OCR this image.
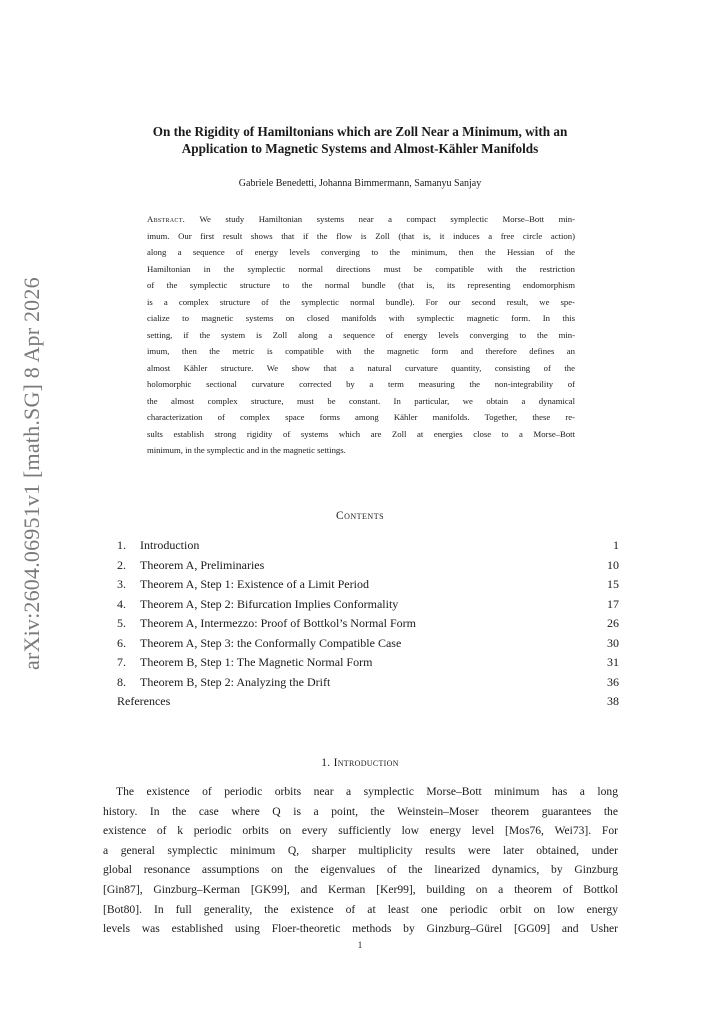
arXiv:2604.06951v1 [math.SG] 8 Apr 2026
On the Rigidity of Hamiltonians which are Zoll Near a Minimum, with an
Application to Magnetic Systems and Almost-Kähler Manifolds
Gabriele Benedetti, Johanna Bimmermann, Samanyu Sanjay
Abstract. We study Hamiltonian systems near a compact symplectic Morse–Bott min-
imum. Our first result shows that if the flow is Zoll (that is, it induces a free circle action)
along a sequence of energy levels converging to the minimum, then the Hessian of the
Hamiltonian in the symplectic normal directions must be compatible with the restriction
of the symplectic structure to the normal bundle (that is, its representing endomorphism
is a complex structure of the symplectic normal bundle). For our second result, we spe-
cialize to magnetic systems on closed manifolds with symplectic magnetic form. In this
setting, if the system is Zoll along a sequence of energy levels converging to the min-
imum, then the metric is compatible with the magnetic form and therefore defines an
almost Kähler structure. We show that a natural curvature quantity, consisting of the
holomorphic sectional curvature corrected by a term measuring the non-integrability of
the almost complex structure, must be constant. In particular, we obtain a dynamical
characterization of complex space forms among Kähler manifolds. Together, these re-
sults establish strong rigidity of systems which are Zoll at energies close to a Morse–Bott
minimum, in the symplectic and in the magnetic settings.
Contents
1.	Introduction	1
2.	Theorem A, Preliminaries	10
3.	Theorem A, Step 1: Existence of a Limit Period	15
4.	Theorem A, Step 2: Bifurcation Implies Conformality	17
5.	Theorem A, Intermezzo: Proof of Bottkol’s Normal Form	26
6.	Theorem A, Step 3: the Conformally Compatible Case	30
7.	Theorem B, Step 1: The Magnetic Normal Form	31
8.	Theorem B, Step 2: Analyzing the Drift	36
References	38
1. Introduction
The existence of periodic orbits near a symplectic Morse–Bott minimum has a long
history. In the case where Q is a point, the Weinstein–Moser theorem guarantees the
existence of k periodic orbits on every sufficiently low energy level [Mos76, Wei73]. For
a general symplectic minimum Q, sharper multiplicity results were later obtained, under
global resonance assumptions on the eigenvalues of the linearized dynamics, by Ginzburg
[Gin87], Ginzburg–Kerman [GK99], and Kerman [Ker99], building on a theorem of Bottkol
[Bot80]. In full generality, the existence of at least one periodic orbit on low energy
levels was established using Floer-theoretic methods by Ginzburg–Gürel [GG09] and Usher
1
